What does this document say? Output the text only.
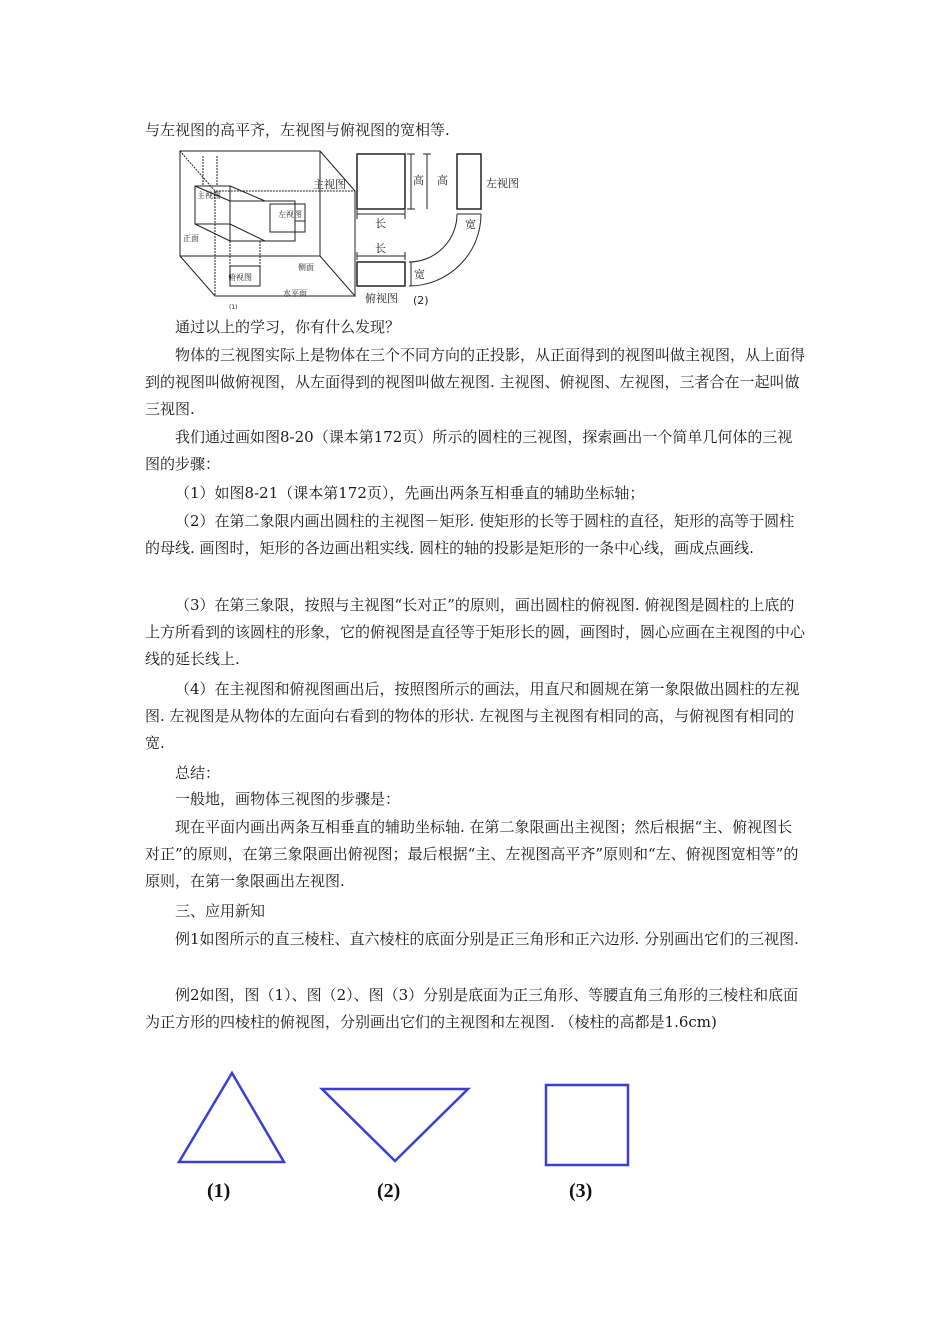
与左视图的高平齐，左视图与俯视图的宽相等.

主视图
左视图
正面
侧面
俯视图
水平面
(1)
主视图	高 高	左视图
长	宽
长
宽
俯视图 (2)

通过以上的学习，你有什么发现？

物体的三视图实际上是物体在三个不同方向的正投影，从正面得到的视图叫做主视图，从上面得到的视图叫做俯视图，从左面得到的视图叫做左视图. 主视图、俯视图、左视图，三者合在一起叫做三视图.

我们通过画如图8-20（课本第172页）所示的圆柱的三视图，探索画出一个简单几何体的三视图的步骤：

（1）如图8-21（课本第172页），先画出两条互相垂直的辅助坐标轴；

（2）在第二象限内画出圆柱的主视图－矩形. 使矩形的长等于圆柱的直径，矩形的高等于圆柱的母线. 画图时，矩形的各边画出粗实线. 圆柱的轴的投影是矩形的一条中心线，画成点画线.

（3）在第三象限，按照与主视图“长对正”的原则，画出圆柱的俯视图. 俯视图是圆柱的上底的上方所看到的该圆柱的形象，它的俯视图是直径等于矩形长的圆，画图时，圆心应画在主视图的中心线的延长线上.

（4）在主视图和俯视图画出后，按照图所示的画法，用直尺和圆规在第一象限做出圆柱的左视图. 左视图是从物体的左面向右看到的物体的形状. 左视图与主视图有相同的高，与俯视图有相同的宽.

总结：

一般地，画物体三视图的步骤是：

现在平面内画出两条互相垂直的辅助坐标轴. 在第二象限画出主视图；然后根据“主、俯视图长对正”的原则，在第三象限画出俯视图；最后根据“主、左视图高平齐”原则和“左、俯视图宽相等”的原则，在第一象限画出左视图.

三、应用新知

例1如图所示的直三棱柱、直六棱柱的底面分别是正三角形和正六边形. 分别画出它们的三视图.

例2如图，图（1）、图（2）、图（3）分别是底面为正三角形、等腰直角三角形的三棱柱和底面为正方形的四棱柱的俯视图，分别画出它们的主视图和左视图. （棱柱的高都是1.6cm)

(1)	(2)	(3)
